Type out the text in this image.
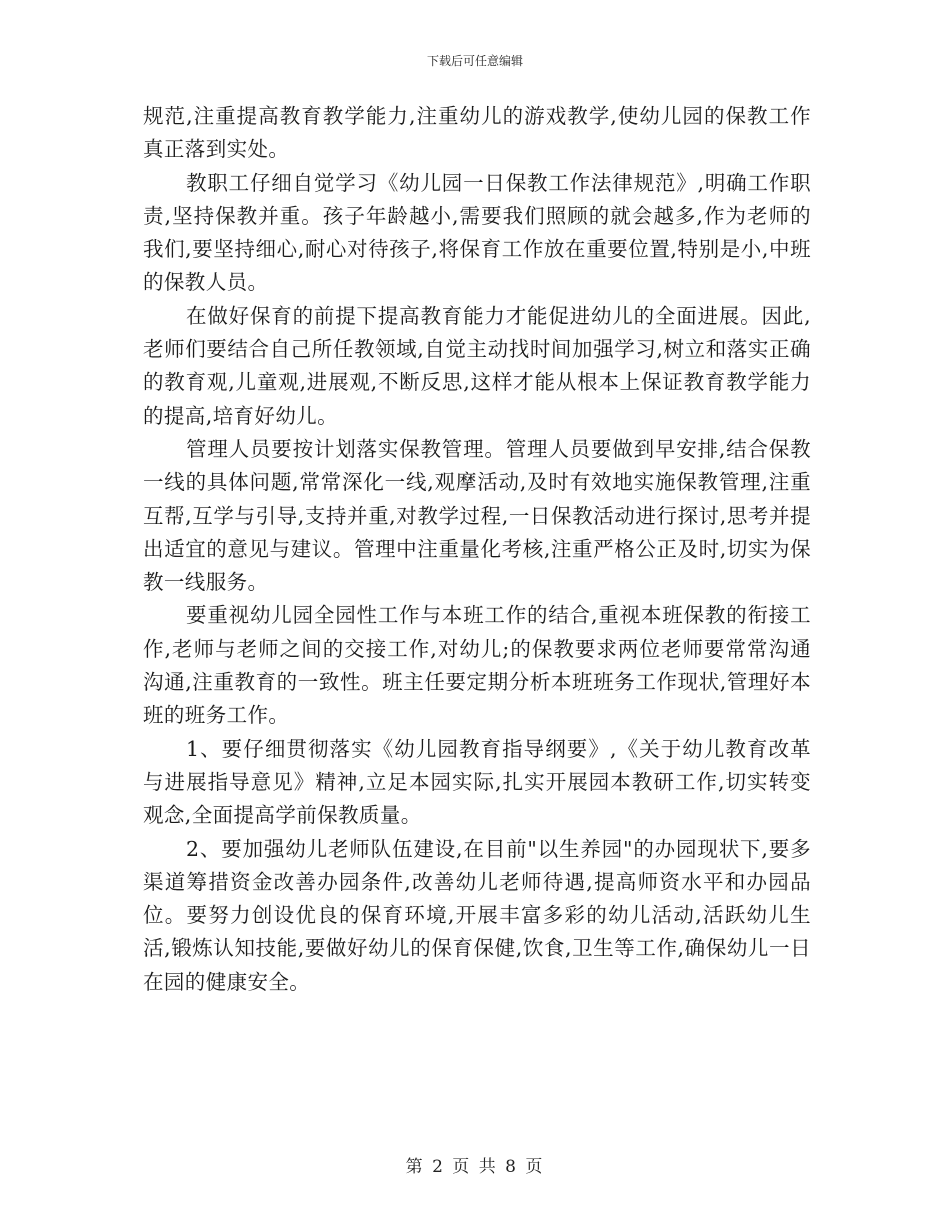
下载后可任意编辑

规范,注重提高教育教学能力,注重幼儿的游戏教学,使幼儿园的保教工作真正落到实处。

教职工仔细自觉学习《幼儿园一日保教工作法律规范》,明确工作职责,坚持保教并重。孩子年龄越小,需要我们照顾的就会越多,作为老师的我们,要坚持细心,耐心对待孩子,将保育工作放在重要位置,特别是小,中班的保教人员。

在做好保育的前提下提高教育能力才能促进幼儿的全面进展。因此,老师们要结合自己所任教领域,自觉主动找时间加强学习,树立和落实正确的教育观,儿童观,进展观,不断反思,这样才能从根本上保证教育教学能力的提高,培育好幼儿。

管理人员要按计划落实保教管理。管理人员要做到早安排,结合保教一线的具体问题,常常深化一线,观摩活动,及时有效地实施保教管理,注重互帮,互学与引导,支持并重,对教学过程,一日保教活动进行探讨,思考并提出适宜的意见与建议。管理中注重量化考核,注重严格公正及时,切实为保教一线服务。

要重视幼儿园全园性工作与本班工作的结合,重视本班保教的衔接工作,老师与老师之间的交接工作,对幼儿;的保教要求两位老师要常常沟通沟通,注重教育的一致性。班主任要定期分析本班班务工作现状,管理好本班的班务工作。

1、要仔细贯彻落实《幼儿园教育指导纲要》,《关于幼儿教育改革与进展指导意见》精神,立足本园实际,扎实开展园本教研工作,切实转变观念,全面提高学前保教质量。

2、要加强幼儿老师队伍建设,在目前"以生养园"的办园现状下,要多渠道筹措资金改善办园条件,改善幼儿老师待遇,提高师资水平和办园品位。要努力创设优良的保育环境,开展丰富多彩的幼儿活动,活跃幼儿生活,锻炼认知技能,要做好幼儿的保育保健,饮食,卫生等工作,确保幼儿一日在园的健康安全。

第 2 页 共 8 页
